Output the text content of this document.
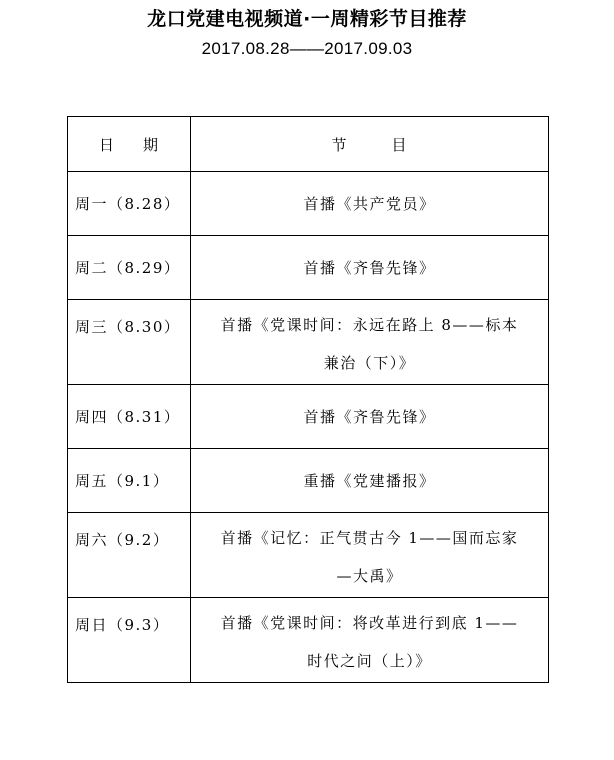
龙口党建电视频道·一周精彩节目推荐
2017.08.28——2017.09.03
日 期	节 目
周一（8.28）	首播《共产党员》
周二（8.29）	首播《齐鲁先锋》
周三（8.30）	首播《党课时间：永远在路上 8——标本
兼治（下）》

周四（8.31）	首播《齐鲁先锋》
周五（9.1）	重播《党建播报》
周六（9.2）	首播《记忆：正气贯古今 1——国而忘家
—大禹》

周日（9.3）	首播《党课时间：将改革进行到底 1——
时代之问（上）》
